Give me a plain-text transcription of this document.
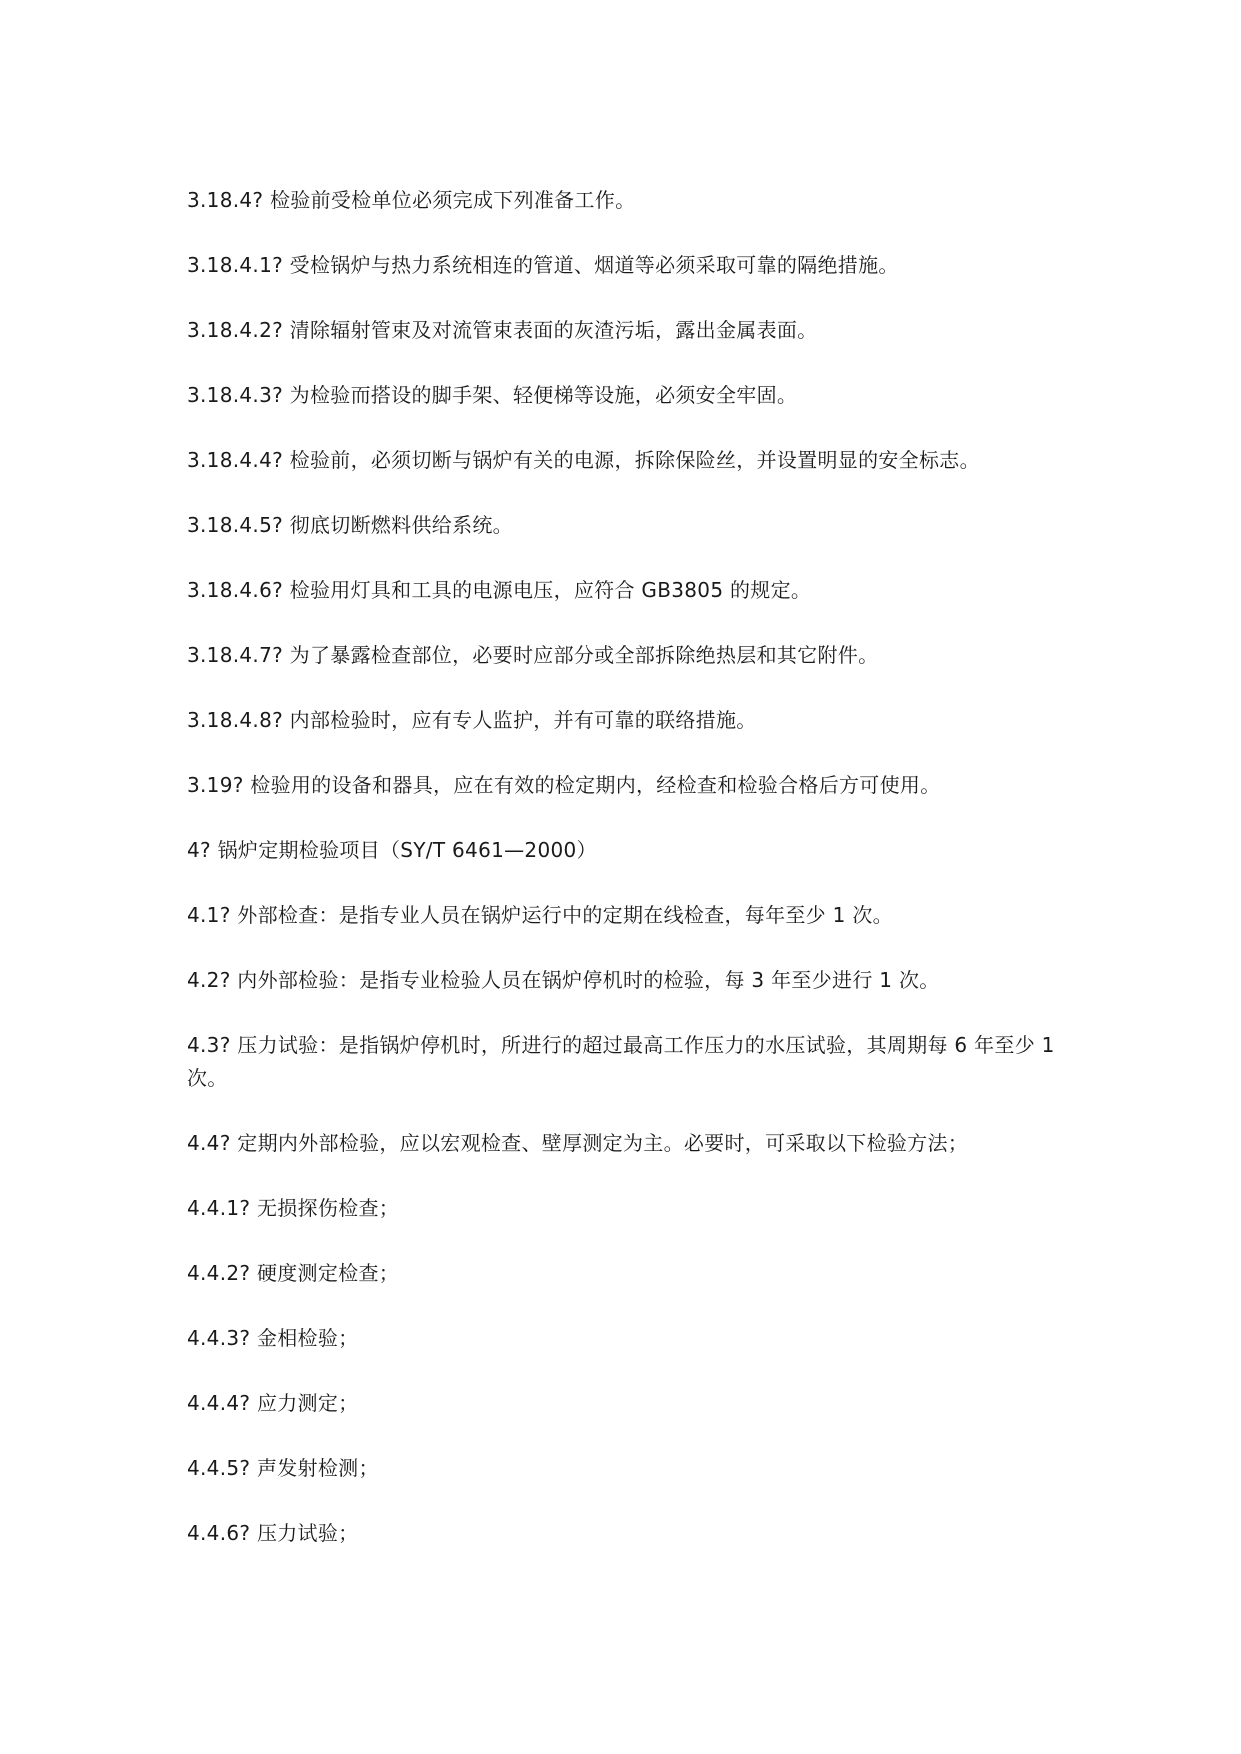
3.18.4? 检验前受检单位必须完成下列准备工作。

3.18.4.1? 受检锅炉与热力系统相连的管道、烟道等必须采取可靠的隔绝措施。

3.18.4.2? 清除辐射管束及对流管束表面的灰渣污垢，露出金属表面。

3.18.4.3? 为检验而搭设的脚手架、轻便梯等设施，必须安全牢固。

3.18.4.4? 检验前，必须切断与锅炉有关的电源，拆除保险丝，并设置明显的安全标志。

3.18.4.5? 彻底切断燃料供给系统。

3.18.4.6? 检验用灯具和工具的电源电压，应符合 GB3805 的规定。

3.18.4.7? 为了暴露检查部位，必要时应部分或全部拆除绝热层和其它附件。

3.18.4.8? 内部检验时，应有专人监护，并有可靠的联络措施。

3.19? 检验用的设备和器具，应在有效的检定期内，经检查和检验合格后方可使用。

4? 锅炉定期检验项目（SY/T 6461—2000）

4.1? 外部检查：是指专业人员在锅炉运行中的定期在线检查，每年至少 1 次。

4.2? 内外部检验：是指专业检验人员在锅炉停机时的检验，每 3 年至少进行 1 次。

4.3? 压力试验：是指锅炉停机时，所进行的超过最高工作压力的水压试验，其周期每 6 年至少 1 次。

4.4? 定期内外部检验，应以宏观检查、壁厚测定为主。必要时，可采取以下检验方法；

4.4.1? 无损探伤检查；

4.4.2? 硬度测定检查；

4.4.3? 金相检验；

4.4.4? 应力测定；

4.4.5? 声发射检测；

4.4.6? 压力试验；
